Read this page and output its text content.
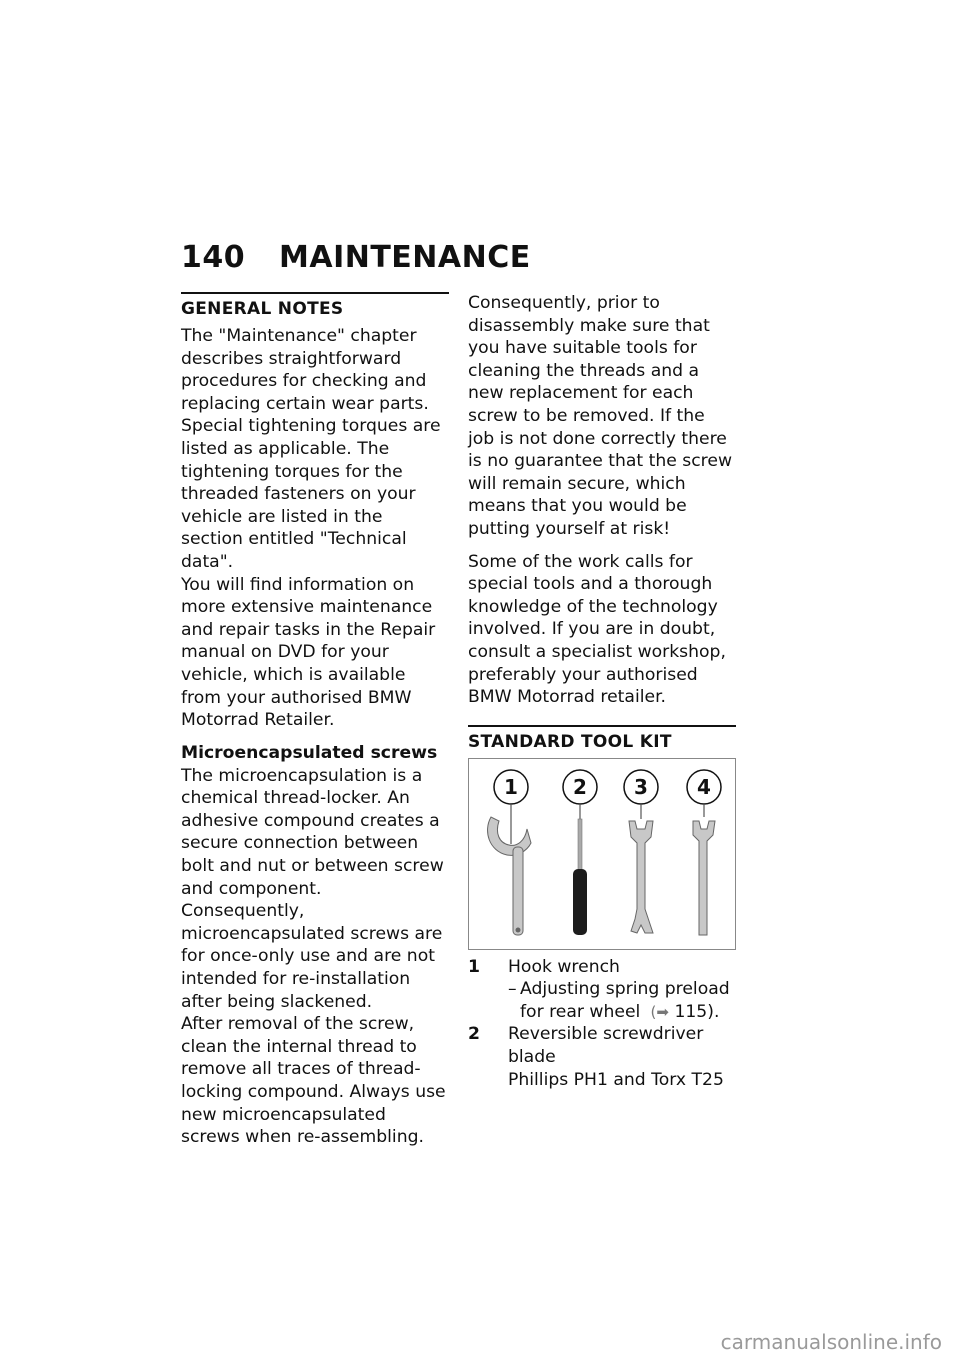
140 MAINTENANCE
GENERAL NOTES

The "Maintenance" chapter describes straightforward procedures for checking and replacing certain wear parts.

Special tightening torques are listed as applicable. The tightening torques for the threaded fasteners on your vehicle are listed in the section entitled "Technical data".

You will find information on more extensive maintenance and repair tasks in the Repair manual on DVD for your vehicle, which is available from your authorised BMW Motorrad Retailer.

Microencapsulated screws

The microencapsulation is a chemical thread-locker. An adhesive compound creates a secure connection between bolt and nut or between screw and component. Consequently, microencapsulated screws are for once-only use and are not intended for re-installation after being slackened.

After removal of the screw, clean the internal thread to remove all traces of thread-locking compound. Always use new microencapsulated screws when re-assembling.

Consequently, prior to disassembly make sure that you have suitable tools for cleaning the threads and a new replacement for each screw to be removed. If the job is not done correctly there is no guarantee that the screw will remain secure, which means that you would be putting yourself at risk!

Some of the work calls for special tools and a thorough knowledge of the technology involved. If you are in doubt, consult a specialist workshop, preferably your authorised BMW Motorrad retailer.

STANDARD TOOL KIT
1	2 3 4
1	Hook wrench
– Adjusting spring preload for rear wheel  (➡ 115).
2	Reversible screwdriver blade
Phillips PH1 and Torx T25
carmanualsonline.info
